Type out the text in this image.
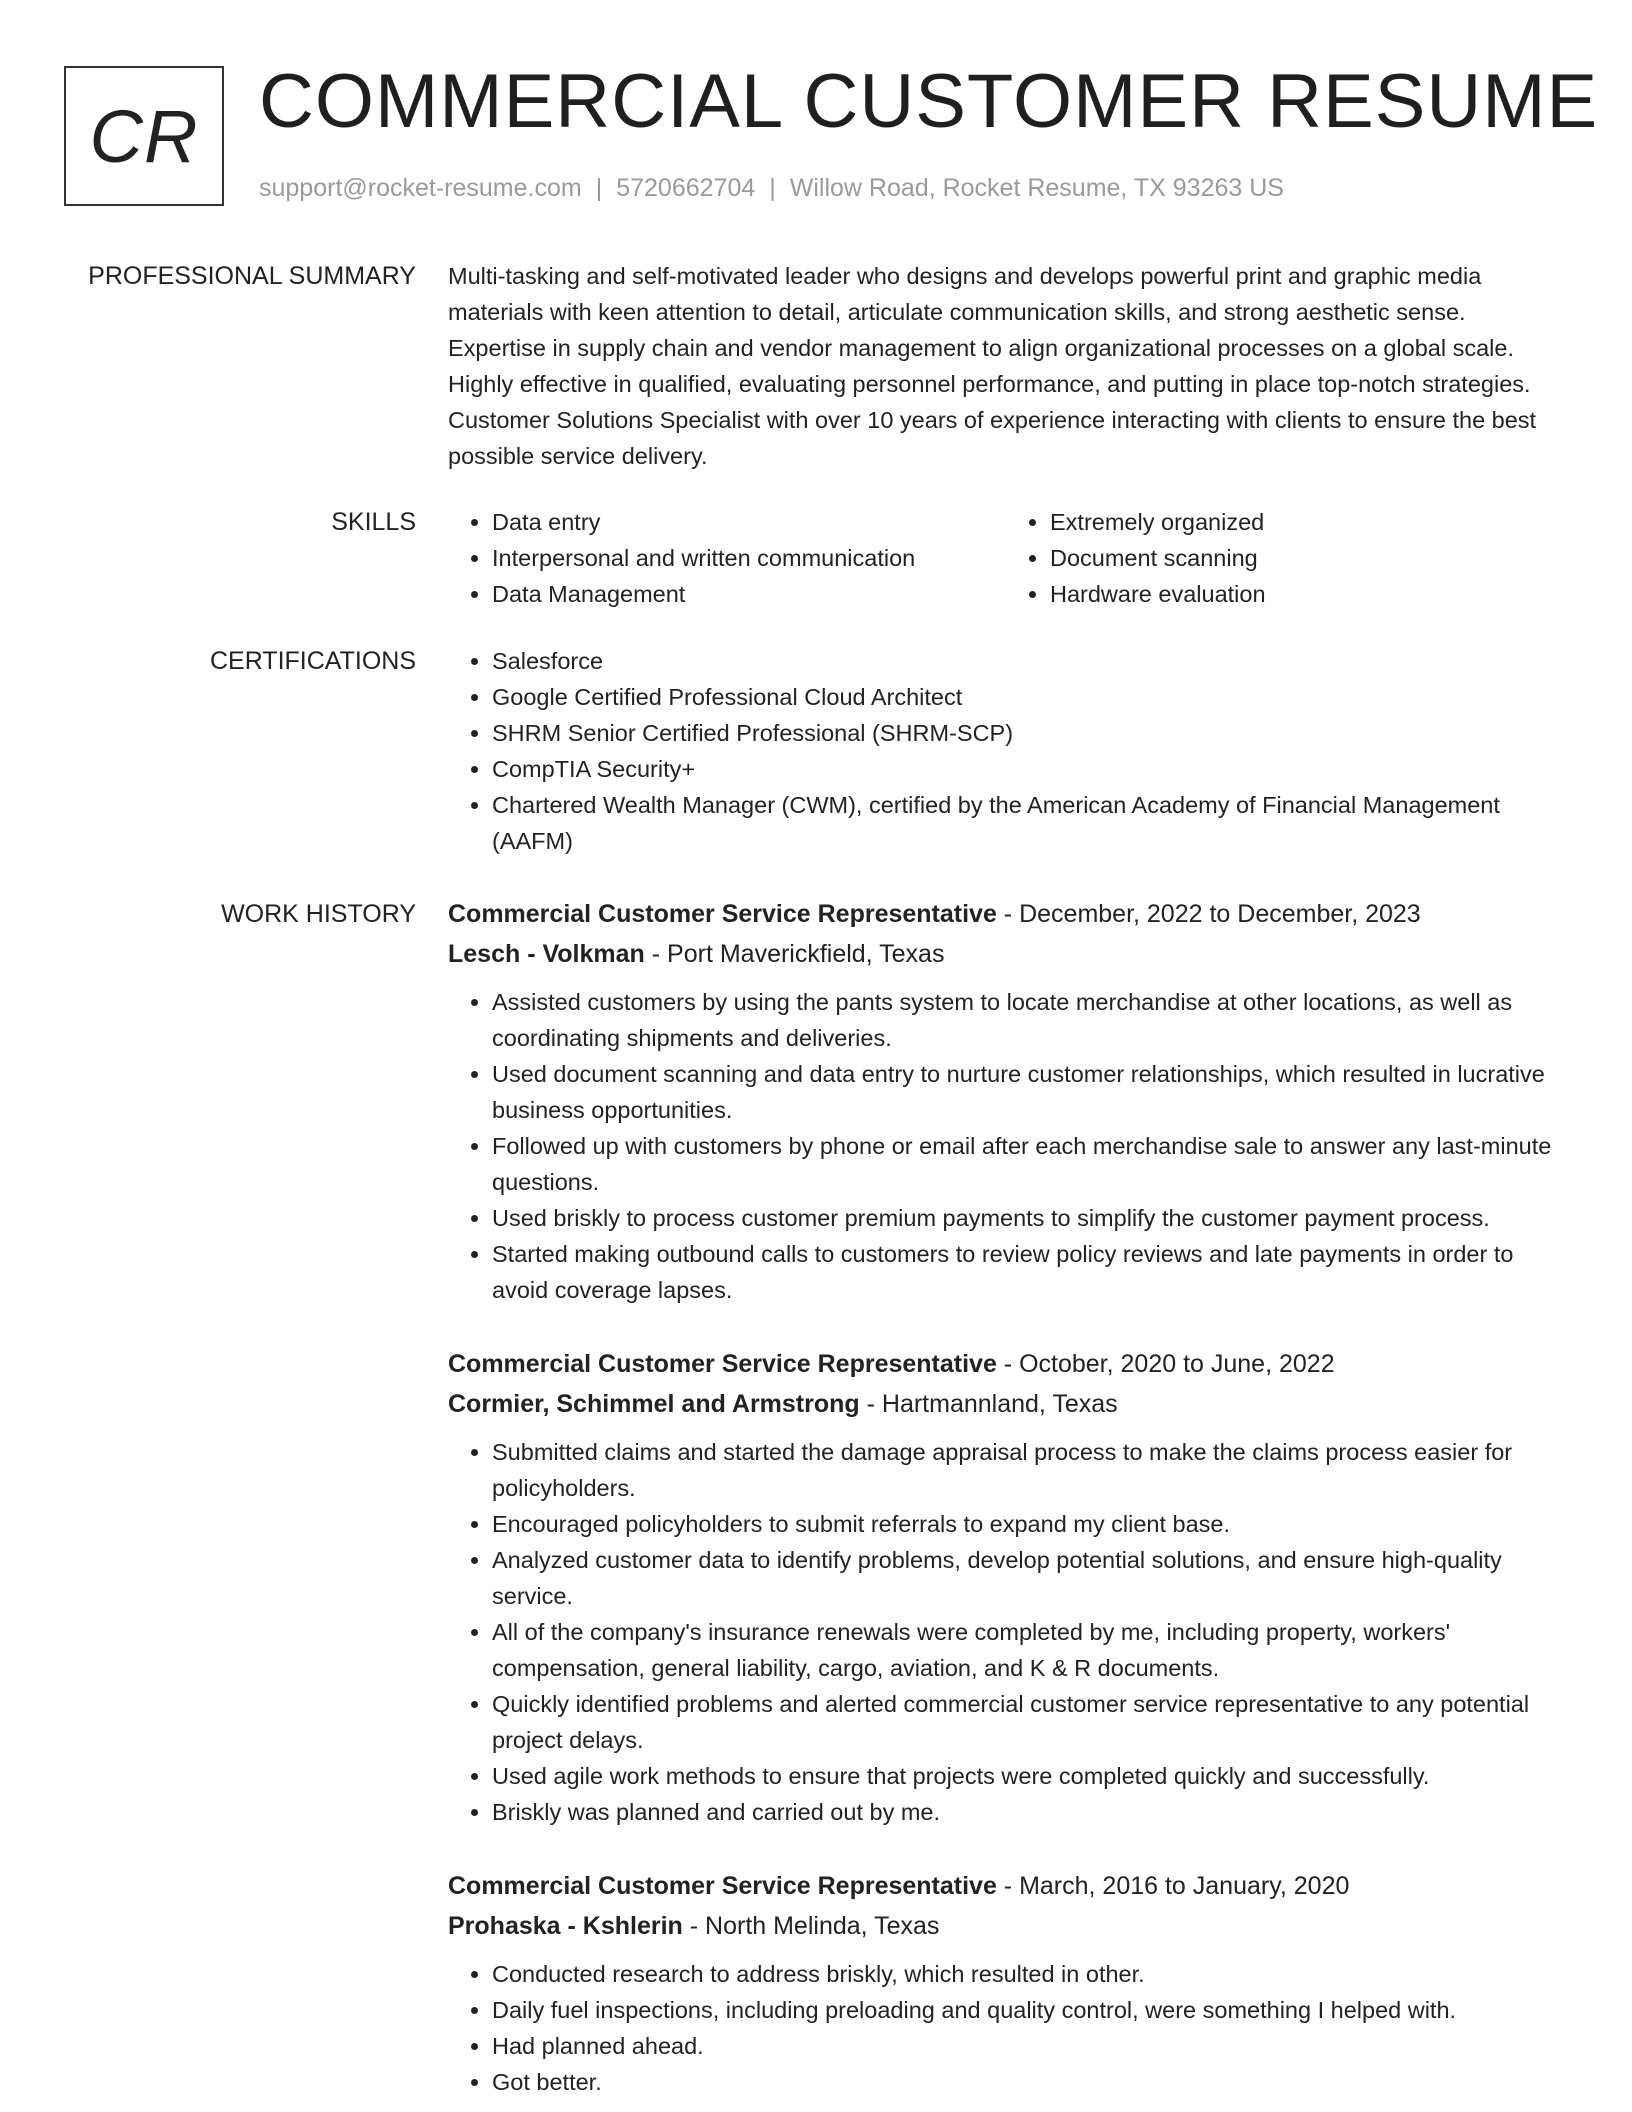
CR COMMERCIAL CUSTOMER RESUME
support@rocket-resume.com | 5720662704 | Willow Road, Rocket Resume, TX 93263 US
PROFESSIONAL SUMMARY Multi-tasking and self-motivated leader who designs and develops powerful print and graphic media materials with keen attention to detail, articulate communication skills, and strong aesthetic sense. Expertise in supply chain and vendor management to align organizational processes on a global scale. Highly effective in qualified, evaluating personnel performance, and putting in place top-notch strategies. Customer Solutions Specialist with over 10 years of experience interacting with clients to ensure the best possible service delivery.
SKILLS	• Data entry
• Interpersonal and written communication
• Data Management
• Extremely organized
• Document scanning
• Hardware evaluation
CERTIFICATIONS	• Salesforce
• Google Certified Professional Cloud Architect
• SHRM Senior Certified Professional (SHRM-SCP)
• CompTIA Security+
• Chartered Wealth Manager (CWM), certified by the American Academy of Financial Management (AAFM)
WORK HISTORY Commercial Customer Service Representative - December, 2022 to December, 2023
Lesch - Volkman - Port Maverickfield, Texas
• Assisted customers by using the pants system to locate merchandise at other locations, as well as coordinating shipments and deliveries.
• Used document scanning and data entry to nurture customer relationships, which resulted in lucrative business opportunities.
• Followed up with customers by phone or email after each merchandise sale to answer any last-minute questions.
• Used briskly to process customer premium payments to simplify the customer payment process.
• Started making outbound calls to customers to review policy reviews and late payments in order to avoid coverage lapses.
Commercial Customer Service Representative - October, 2020 to June, 2022
Cormier, Schimmel and Armstrong - Hartmannland, Texas
• Submitted claims and started the damage appraisal process to make the claims process easier for policyholders.
• Encouraged policyholders to submit referrals to expand my client base.
• Analyzed customer data to identify problems, develop potential solutions, and ensure high-quality service.
• All of the company's insurance renewals were completed by me, including property, workers' compensation, general liability, cargo, aviation, and K & R documents.
• Quickly identified problems and alerted commercial customer service representative to any potential project delays.
• Used agile work methods to ensure that projects were completed quickly and successfully.
• Briskly was planned and carried out by me.
Commercial Customer Service Representative - March, 2016 to January, 2020
Prohaska - Kshlerin - North Melinda, Texas
• Conducted research to address briskly, which resulted in other.
• Daily fuel inspections, including preloading and quality control, were something I helped with.
• Had planned ahead.
• Got better.
